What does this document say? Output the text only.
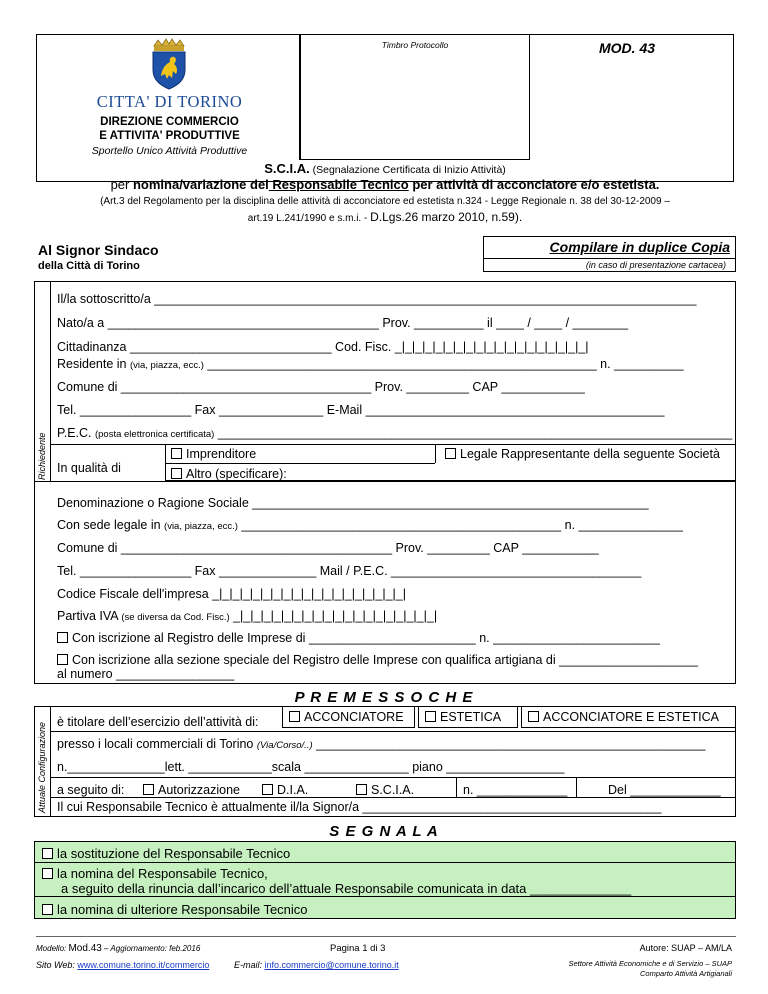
Timbro Protocollo	MOD. 43
CITTA' DI TORINO
DIREZIONE COMMERCIO
E ATTIVITA' PRODUTTIVE
Sportello Unico Attività Produttive
S.C.I.A. (Segnalazione Certificata di Inizio Attività)
per nomina/variazione del Responsabile Tecnico per attività di acconciatore e/o estetista.
(Art.3 del Regolamento per la disciplina delle attività di acconciatore ed estetista n.324 - Legge Regionale n. 38 del 30-12-2009 –
art.19 L.241/1990 e s.m.i. - D.Lgs.26 marzo 2010, n.59).
Al Signor Sindaco
della Città di Torino
Compilare in duplice Copia
(in caso di presentazione cartacea)
Richiedente
Il/la sottoscritto/a ______________________________________________________________________________
Nato/a a _______________________________________ Prov. __________ il ____ / ____ / ________
Cittadinanza _____________________________ Cod. Fisc. _|_|_|_|_|_|_|_|_|_|_|_|_|_|_|_|_|_|_|
Residente in (via, piazza, ecc.) ________________________________________________________ n. __________
Comune di ____________________________________ Prov. _________ CAP ____________
Tel. ________________ Fax _______________ E-Mail ___________________________________________
P.E.C. (posta elettronica certificata) __________________________________________________________________________
In qualità di
Imprenditore	Legale Rappresentante della seguente Società
Altro (specificare):
Denominazione o Ragione Sociale _________________________________________________________
Con sede legale in (via, piazza, ecc.) ______________________________________________ n. _______________
Comune di _______________________________________ Prov. _________ CAP ___________
Tel. ________________ Fax ______________ Mail / P.E.C. ____________________________________
Codice Fiscale dell'impresa _|_|_|_|_|_|_|_|_|_|_|_|_|_|_|_|_|_|_|
Partiva IVA (se diversa da Cod. Fisc.) _|_|_|_|_|_|_|_|_|_|_|_|_|_|_|_|_|_|_|_|
Con iscrizione al Registro delle Imprese di ________________________ n. ________________________
Con iscrizione alla sezione speciale del Registro delle Imprese con qualifica artigiana di ____________________
al numero _________________
P R E M E S S O C H E
Attuale Configurazione è titolare dell’esercizio dell’attività di:	ACCONCIATORE	ESTETICA	ACCONCIATORE E ESTETICA
presso i locali commerciali di Torino (Via/Corso/..) ________________________________________________________
n.______________lett. ____________scala _______________ piano _________________
a seguito di:	Autorizzazione	D.I.A.	S.C.I.A.	n. _____________	Del _____________
Il cui Responsabile Tecnico è attualmente il/la Signor/a ___________________________________________
S E G N A L A
la sostituzione del Responsabile Tecnico
la nomina del Responsabile Tecnico,
a seguito della rinuncia dall’incarico dell’attuale Responsabile comunicata in data ______________
la nomina di ulteriore Responsabile Tecnico
Modello: Mod.43 – Aggiornamento: feb.2016
Sito Web: www.comune.torino.it/commercio
Pagina 1 di 3
E-mail: info.commercio@comune.torino.it
Autore: SUAP – AM/LA
Settore Attività Economiche e di Servizio – SUAP
Comparto Attività Artigianali
